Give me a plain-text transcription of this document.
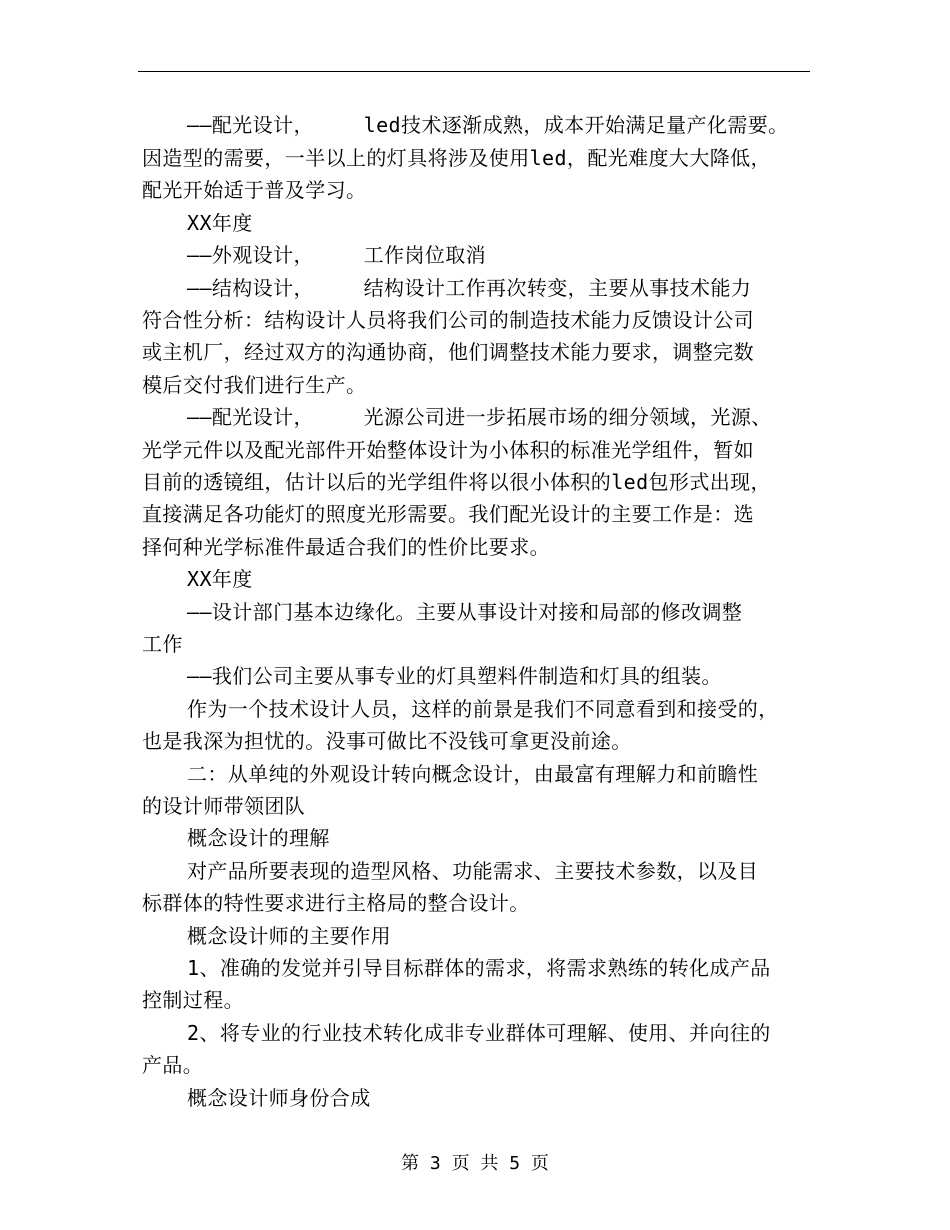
——配光设计，    led技术逐渐成熟，成本开始满足量产化需要。
因造型的需要，一半以上的灯具将涉及使用led，配光难度大大降低，
配光开始适于普及学习。
XX年度
——外观设计，    工作岗位取消
——结构设计，    结构设计工作再次转变，主要从事技术能力
符合性分析：结构设计人员将我们公司的制造技术能力反馈设计公司
或主机厂，经过双方的沟通协商，他们调整技术能力要求，调整完数
模后交付我们进行生产。
——配光设计，    光源公司进一步拓展市场的细分领域，光源、
光学元件以及配光部件开始整体设计为小体积的标准光学组件，暂如
目前的透镜组，估计以后的光学组件将以很小体积的led包形式出现，
直接满足各功能灯的照度光形需要。我们配光设计的主要工作是：选
择何种光学标准件最适合我们的性价比要求。
XX年度
——设计部门基本边缘化。主要从事设计对接和局部的修改调整
工作
——我们公司主要从事专业的灯具塑料件制造和灯具的组装。
作为一个技术设计人员，这样的前景是我们不同意看到和接受的，
也是我深为担忧的。没事可做比不没钱可拿更没前途。
二：从单纯的外观设计转向概念设计，由最富有理解力和前瞻性
的设计师带领团队
概念设计的理解
对产品所要表现的造型风格、功能需求、主要技术参数，以及目
标群体的特性要求进行主格局的整合设计。
概念设计师的主要作用
1、准确的发觉并引导目标群体的需求，将需求熟练的转化成产品
控制过程。
2、将专业的行业技术转化成非专业群体可理解、使用、并向往的
产品。
概念设计师身份合成
第 3 页 共 5 页
